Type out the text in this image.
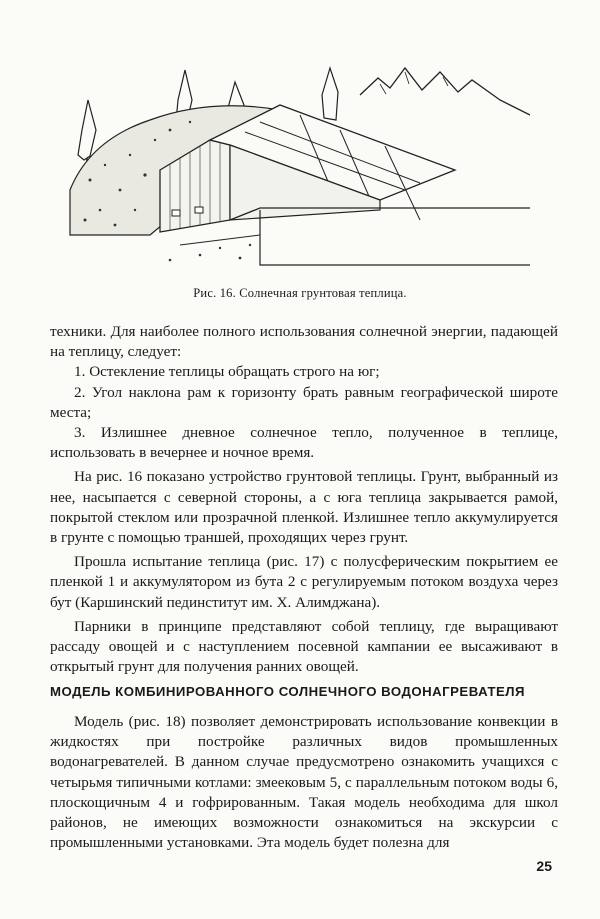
Рис. 16. Солнечная грунтовая теплица.

техники. Для наиболее полного использования солнечной энергии, падающей на теплицу, следует:

1. Остекление теплицы обращать строго на юг;

2. Угол наклона рам к горизонту брать равным географической широте места;

3. Излишнее дневное солнечное тепло, полученное в теплице, использовать в вечернее и ночное время.

На рис. 16 показано устройство грунтовой теплицы. Грунт, выбранный из нее, насыпается с северной стороны, а с юга теплица закрывается рамой, покрытой стеклом или прозрачной пленкой. Излишнее тепло аккумулируется в грунте с помощью траншей, проходящих через грунт.

Прошла испытание теплица (рис. 17) с полусферическим покрытием ее пленкой 1 и аккумулятором из бута 2 с регулируемым потоком воздуха через бут (Каршинский пединститут им. Х. Алимджана).

Парники в принципе представляют собой теплицу, где выращивают рассаду овощей и с наступлением посевной кампании ее высаживают в открытый грунт для получения ранних овощей.

МОДЕЛЬ КОМБИНИРОВАННОГО СОЛНЕЧНОГО ВОДОНАГРЕВАТЕЛЯ

Модель (рис. 18) позволяет демонстрировать использование конвекции в жидкостях при постройке различных видов промышленных водонагревателей. В данном случае предусмотрено ознакомить учащихся с четырьмя типичными котлами: змеековым 5, с параллельным потоком воды 6, плоскощичным 4 и гофрированным. Такая модель необходима для школ районов, не имеющих возможности ознакомиться на экскурсии с промышленными установками. Эта модель будет полезна для

25
